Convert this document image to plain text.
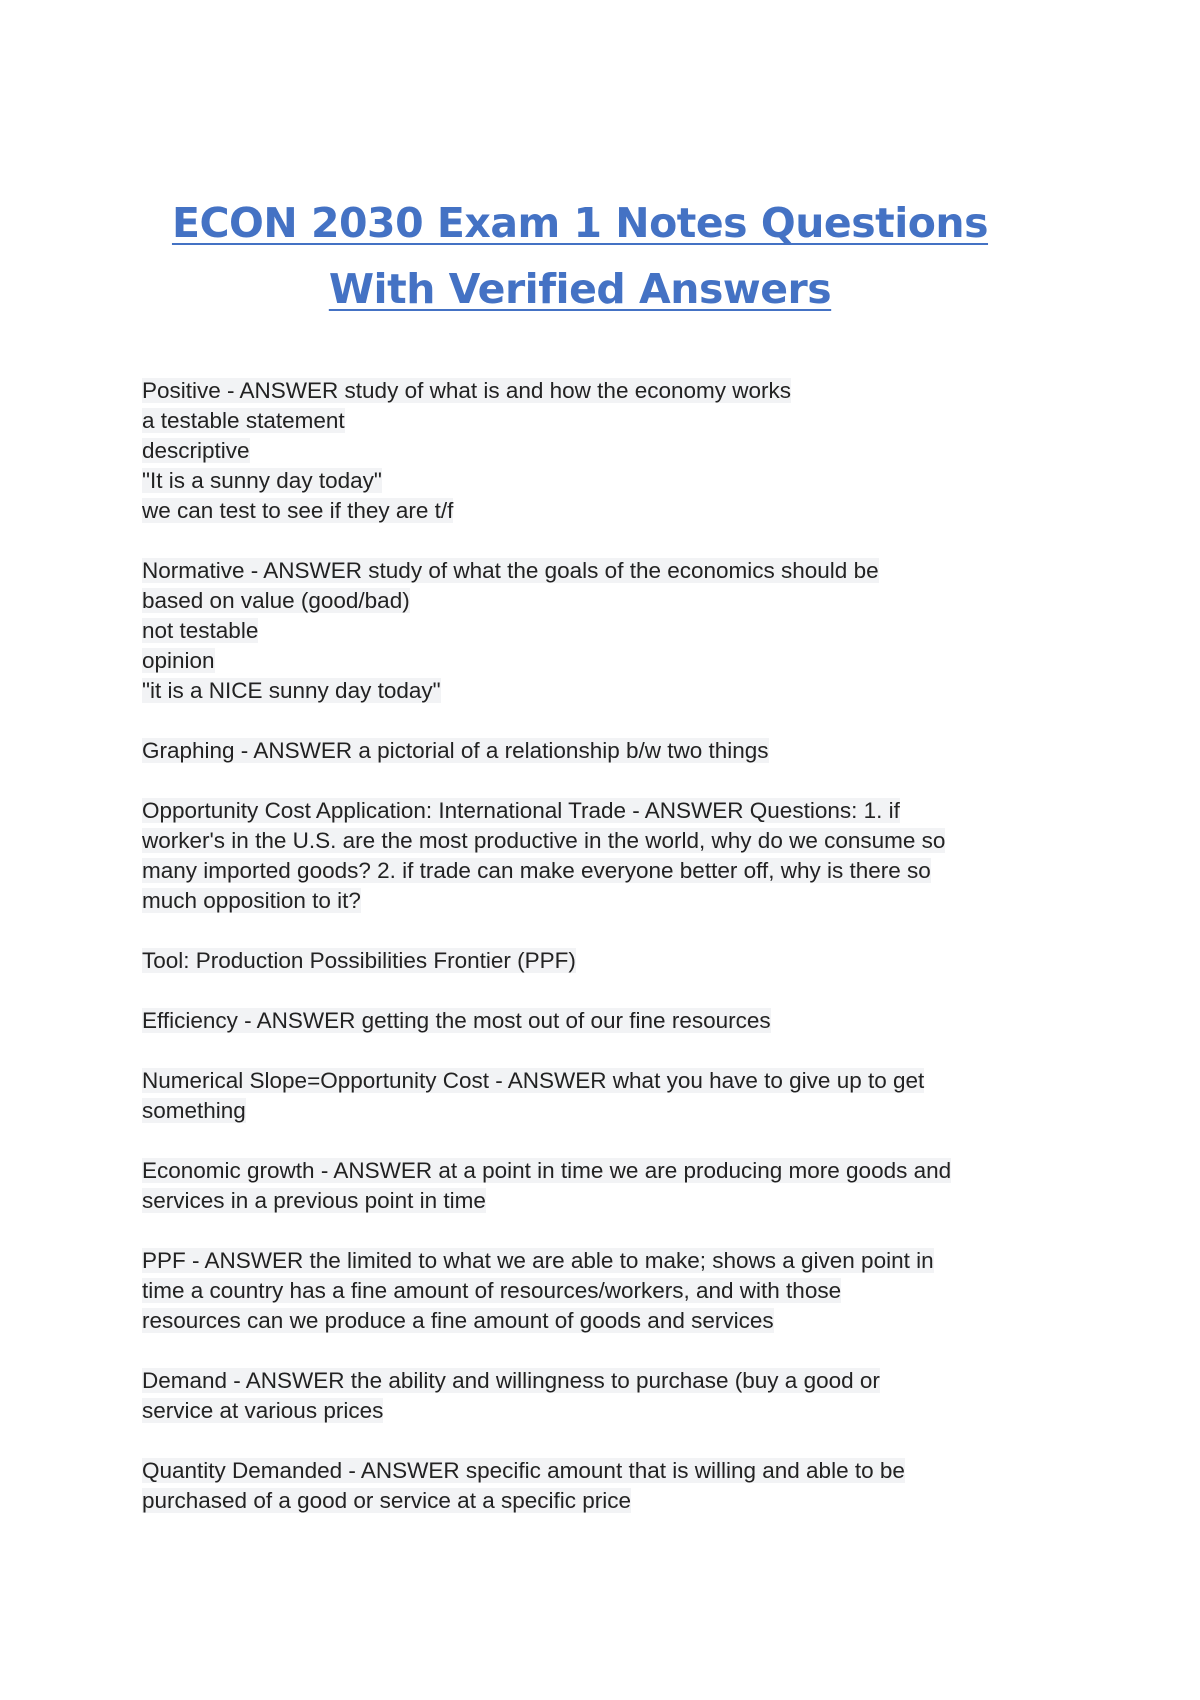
ECON 2030 Exam 1 Notes Questions
With Verified Answers
Positive - ANSWER study of what is and how the economy works
a testable statement
descriptive
"It is a sunny day today"
we can test to see if they are t/f
Normative - ANSWER study of what the goals of the economics should be
based on value (good/bad)
not testable
opinion
"it is a NICE sunny day today"
Graphing - ANSWER a pictorial of a relationship b/w two things
Opportunity Cost Application: International Trade - ANSWER Questions: 1. if
worker's in the U.S. are the most productive in the world, why do we consume so
many imported goods? 2. if trade can make everyone better off, why is there so
much opposition to it?
Tool: Production Possibilities Frontier (PPF)
Efficiency - ANSWER getting the most out of our fine resources
Numerical Slope=Opportunity Cost - ANSWER what you have to give up to get
something
Economic growth - ANSWER at a point in time we are producing more goods and
services in a previous point in time
PPF - ANSWER the limited to what we are able to make; shows a given point in
time a country has a fine amount of resources/workers, and with those
resources can we produce a fine amount of goods and services
Demand - ANSWER the ability and willingness to purchase (buy a good or
service at various prices
Quantity Demanded - ANSWER specific amount that is willing and able to be
purchased of a good or service at a specific price
